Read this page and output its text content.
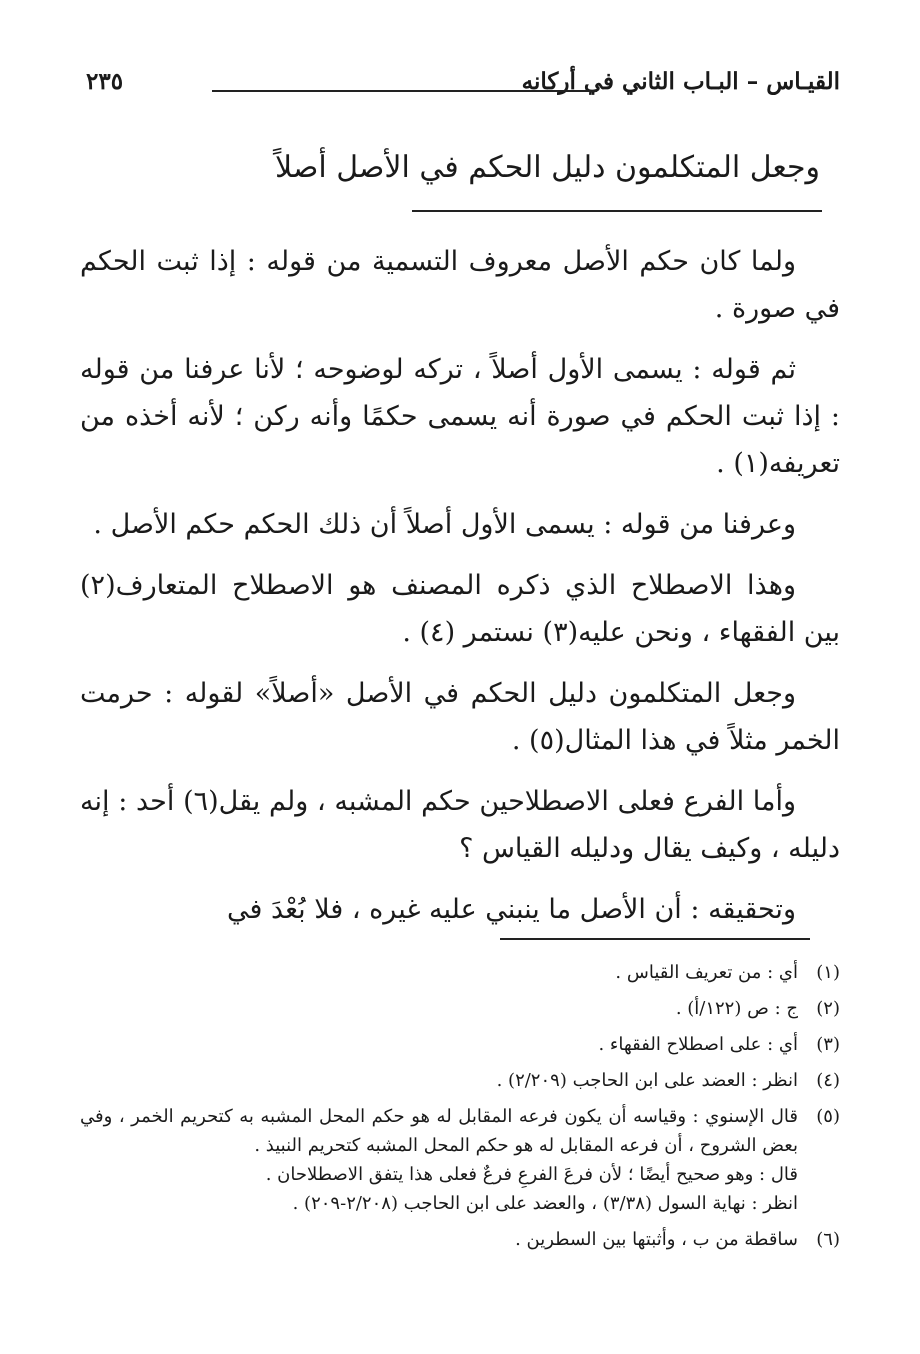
القيـاس – البـاب الثاني في أركانه
٢٣٥
وجعل المتكلمون دليل الحكم في الأصل أصلاً

ولما كان حكم الأصل معروف التسمية من قوله : إذا ثبت الحكم في صورة .

ثم قوله : يسمى الأول أصلاً ، تركه لوضوحه ؛ لأنا عرفنا من قوله : إذا ثبت الحكم في صورة أنه يسمى حكمًا وأنه ركن ؛ لأنه أخذه من تعريفه(١) .

وعرفنا من قوله : يسمى الأول أصلاً أن ذلك الحكم حكم الأصل .

وهذا الاصطلاح الذي ذكره المصنف هو الاصطلاح المتعارف(٢) بين الفقهاء ، ونحن عليه(٣) نستمر (٤) .

وجعل المتكلمون دليل الحكم في الأصل «أصلاً» لقوله : حرمت الخمر مثلاً في هذا المثال(٥) .

وأما الفرع فعلى الاصطلاحين حكم المشبه ، ولم يقل(٦) أحد : إنه دليله ، وكيف يقال ودليله القياس ؟

وتحقيقه : أن الأصل ما ينبني عليه غيره ، فلا بُعْدَ في

(١)
أي : من تعريف القياس .
(٢)
ج : ص (١٢٢/أ) .
(٣)
أي : على اصطلاح الفقهاء .
(٤)
انظر : العضد على ابن الحاجب (٢/٢٠٩) .
(٥)
قال الإسنوي : وقياسه أن يكون فرعه المقابل له هو حكم المحل المشبه به كتحريم الخمر ، وفي بعض الشروح ، أن فرعه المقابل له هو حكم المحل المشبه كتحريم النبيذ .
قال : وهو صحيح أيضًا ؛ لأن فرعَ الفرعِ فرعٌ فعلى هذا يتفق الاصطلاحان .
انظر : نهاية السول (٣/٣٨) ، والعضد على ابن الحاجب (٢/٢٠٨-٢٠٩) .
(٦)
ساقطة من ب ، وأثبتها بين السطرين .
